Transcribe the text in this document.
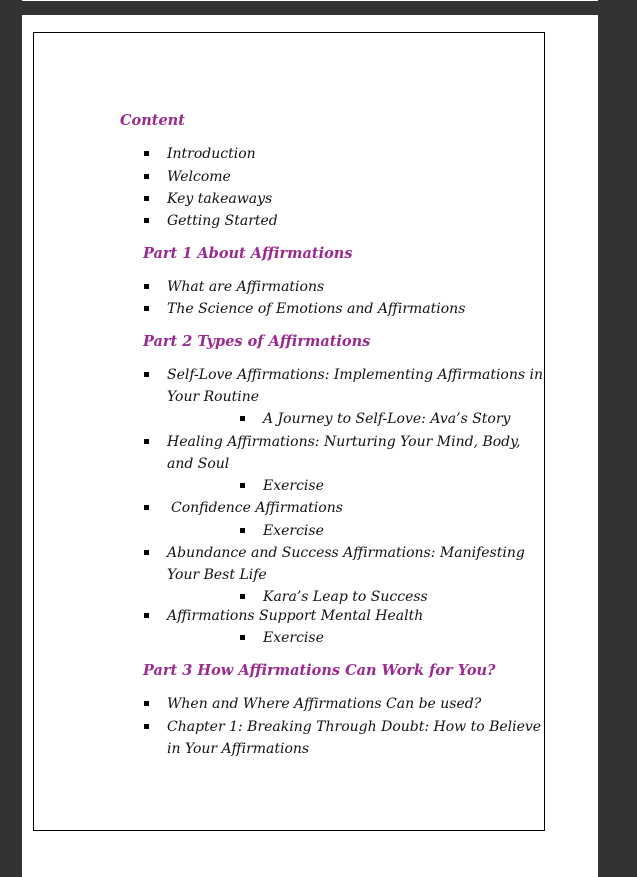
Content
Introduction
Welcome
Key takeaways
Getting Started
Part 1 About Affirmations
What are Affirmations
The Science of Emotions and Affirmations
Part 2 Types of Affirmations
Self-Love Affirmations: Implementing Affirmations in
Your Routine
A Journey to Self-Love: Ava’s Story
Healing Affirmations: Nurturing Your Mind, Body,
and Soul
Exercise
Confidence Affirmations
Exercise
Abundance and Success Affirmations: Manifesting
Your Best Life
Kara’s Leap to Success
Affirmations Support Mental Health
Exercise
Part 3 How Affirmations Can Work for You?
When and Where Affirmations Can be used?
Chapter 1: Breaking Through Doubt: How to Believe
in Your Affirmations
